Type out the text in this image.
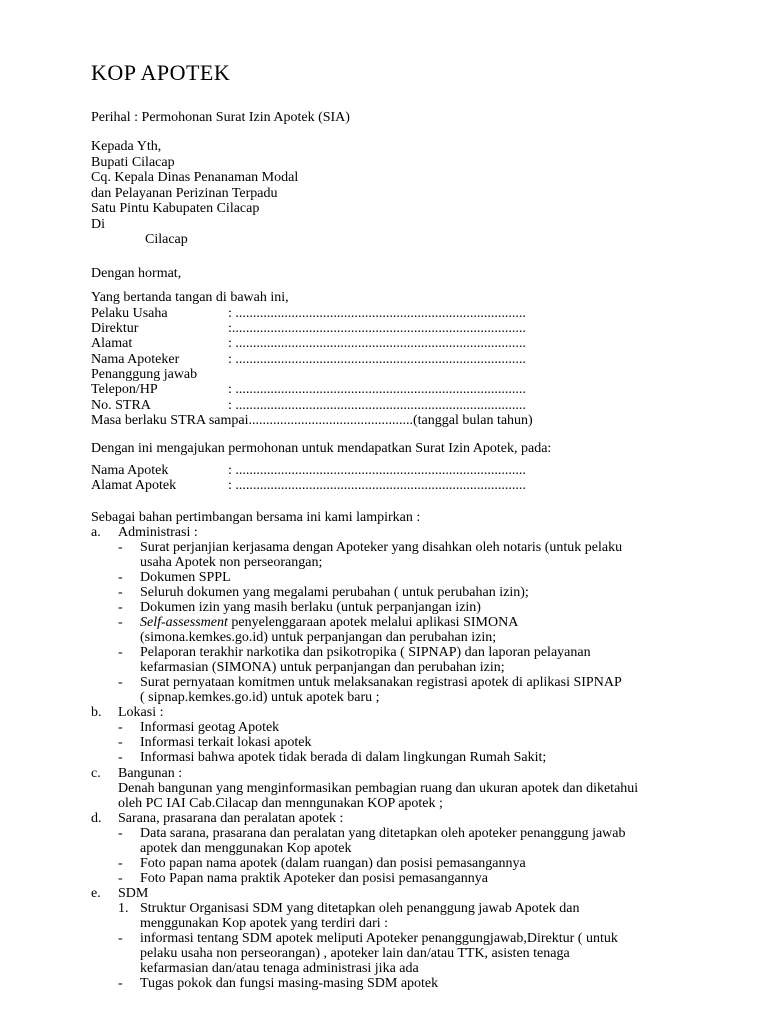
KOP APOTEK
Perihal : Permohonan Surat Izin Apotek (SIA)
Kepada Yth,
Bupati Cilacap
Cq. Kepala Dinas Penanaman Modal
dan Pelayanan Perizinan Terpadu
Satu Pintu Kabupaten Cilacap
Di
Cilacap
Dengan hormat,
Yang bertanda tangan di bawah ini,
Pelaku Usaha	: ...................................................................................
Direktur	:....................................................................................
Alamat	: ...................................................................................
Nama Apoteker	: ...................................................................................
Penanggung jawab
Telepon/HP	: ...................................................................................
No. STRA	: ...................................................................................
Masa berlaku STRA sampai...............................................(tanggal bulan tahun)
Dengan ini mengajukan permohonan untuk mendapatkan Surat Izin Apotek, pada:
Nama Apotek	: ...................................................................................
Alamat Apotek	: ...................................................................................
Sebagai bahan pertimbangan bersama ini kami lampirkan :
a. Administrasi :
- Surat perjanjian kerjasama dengan Apoteker yang disahkan oleh notaris (untuk pelaku
usaha Apotek non perseorangan;
- Dokumen SPPL
- Seluruh dokumen yang megalami perubahan ( untuk perubahan izin);
- Dokumen izin yang masih berlaku (untuk perpanjangan izin)
- Self-assessment penyelenggaraan apotek melalui aplikasi SIMONA
(simona.kemkes.go.id) untuk perpanjangan dan perubahan izin;
- Pelaporan terakhir narkotika dan psikotropika ( SIPNAP) dan laporan pelayanan
kefarmasian (SIMONA) untuk perpanjangan dan perubahan izin;
- Surat pernyataan komitmen untuk melaksanakan registrasi apotek di aplikasi SIPNAP
( sipnap.kemkes.go.id) untuk apotek baru ;
b. Lokasi :
- Informasi geotag Apotek
- Informasi terkait lokasi apotek
- Informasi bahwa apotek tidak berada di dalam lingkungan Rumah Sakit;
c. Bangunan :
Denah bangunan yang menginformasikan pembagian ruang dan ukuran apotek dan diketahui
oleh PC IAI Cab.Cilacap dan menngunakan KOP apotek ;
d. Sarana, prasarana dan peralatan apotek :
- Data sarana, prasarana dan peralatan yang ditetapkan oleh apoteker penanggung jawab
apotek dan menggunakan Kop apotek
- Foto papan nama apotek (dalam ruangan) dan posisi pemasangannya
- Foto Papan nama praktik Apoteker dan posisi pemasangannya
e. SDM
1. Struktur Organisasi SDM yang ditetapkan oleh penanggung jawab Apotek dan
menggunakan Kop apotek yang terdiri dari :
- informasi tentang SDM apotek meliputi Apoteker penanggungjawab,Direktur ( untuk
pelaku usaha non perseorangan) , apoteker lain dan/atau TTK, asisten tenaga
kefarmasian dan/atau tenaga administrasi jika ada
- Tugas pokok dan fungsi masing-masing SDM apotek
